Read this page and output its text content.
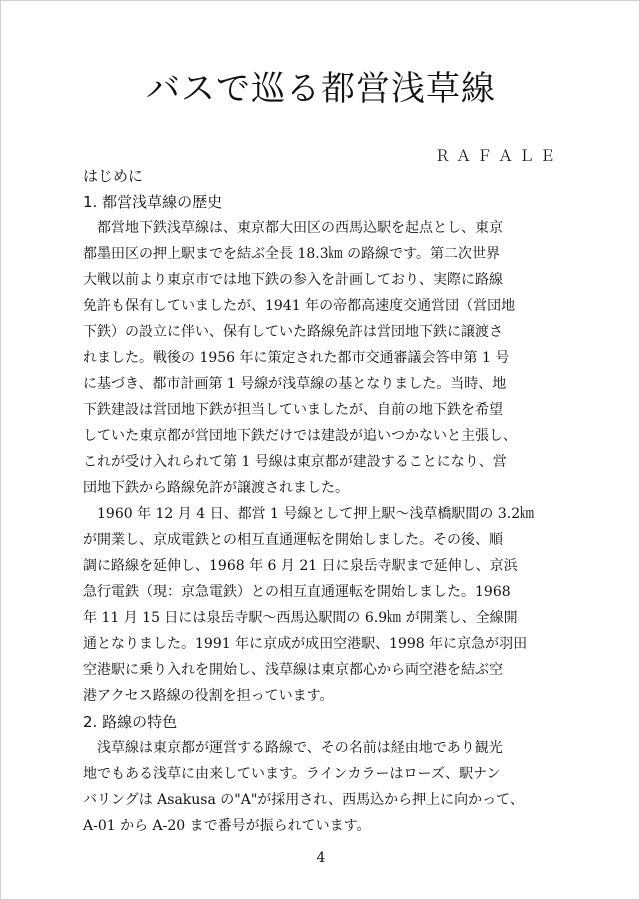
バスで巡る都営浅草線
ＲＡＦＡＬＥ
はじめに
1. 都営浅草線の歴史
　都営地下鉄浅草線は、東京都大田区の西馬込駅を起点とし、東京
都墨田区の押上駅までを結ぶ全長 18.3㎞ の路線です。第二次世界
大戦以前より東京市では地下鉄の参入を計画しており、実際に路線
免許も保有していましたが、1941 年の帝都高速度交通営団（営団地
下鉄）の設立に伴い、保有していた路線免許は営団地下鉄に譲渡さ
れました。戦後の 1956 年に策定された都市交通審議会答申第 1 号
に基づき、都市計画第 1 号線が浅草線の基となりました。当時、地
下鉄建設は営団地下鉄が担当していましたが、自前の地下鉄を希望
していた東京都が営団地下鉄だけでは建設が追いつかないと主張し、
これが受け入れられて第 1 号線は東京都が建設することになり、営
団地下鉄から路線免許が譲渡されました。
　1960 年 12 月 4 日、都営 1 号線として押上駅～浅草橋駅間の 3.2㎞
が開業し、京成電鉄との相互直通運転を開始しました。その後、順
調に路線を延伸し、1968 年 6 月 21 日に泉岳寺駅まで延伸し、京浜
急行電鉄（現：京急電鉄）との相互直通運転を開始しました。1968
年 11 月 15 日には泉岳寺駅～西馬込駅間の 6.9㎞ が開業し、全線開
通となりました。1991 年に京成が成田空港駅、1998 年に京急が羽田
空港駅に乗り入れを開始し、浅草線は東京都心から両空港を結ぶ空
港アクセス路線の役割を担っています。
2. 路線の特色
　浅草線は東京都が運営する路線で、その名前は経由地であり観光
地でもある浅草に由来しています。ラインカラーはローズ、駅ナン
バリングは Asakusa の"A"が採用され、西馬込から押上に向かって、
A-01 から A-20 まで番号が振られています。
4
